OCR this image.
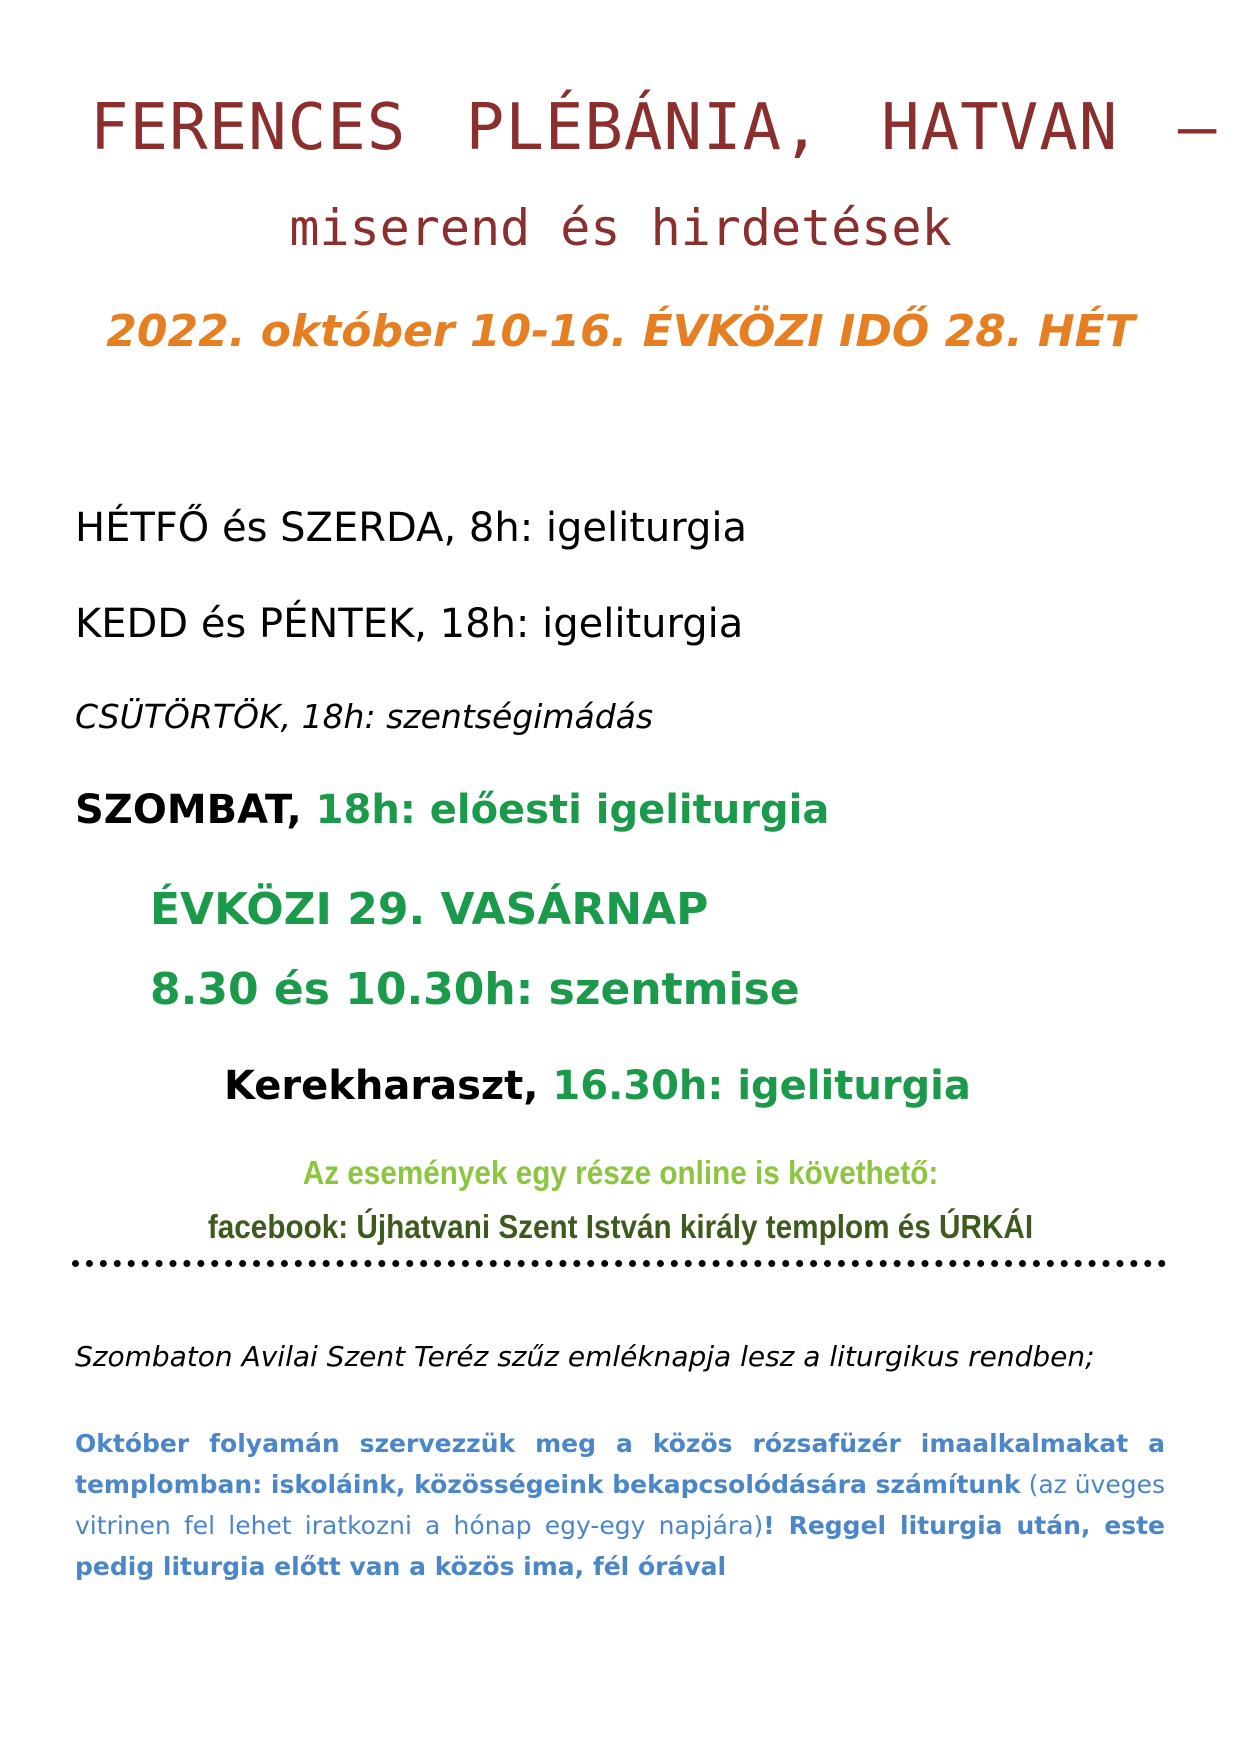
FERENCES PLÉBÁNIA, HATVAN –
miserend és hirdetések
2022. október 10-16. ÉVKÖZI IDŐ 28. HÉT
HÉTFŐ és SZERDA, 8h: igeliturgia
KEDD és PÉNTEK, 18h: igeliturgia
CSÜTÖRTÖK, 18h: szentségimádás
SZOMBAT, 18h: előesti igeliturgia
ÉVKÖZI 29. VASÁRNAP
8.30 és 10.30h: szentmise
Kerekharaszt, 16.30h: igeliturgia
Az események egy része online is követhető:
facebook: Újhatvani Szent István király templom és ÚRKÁI
Szombaton Avilai Szent Teréz szűz emléknapja lesz a liturgikus rendben;
Október folyamán szervezzük meg a közös rózsafüzér imaalkalmakat a templomban: iskoláink, közösségeink bekapcsolódására számítunk (az üveges vitrinen fel lehet iratkozni a hónap egy-egy napjára)! Reggel liturgia után, este pedig liturgia előtt van a közös ima, fél órával
